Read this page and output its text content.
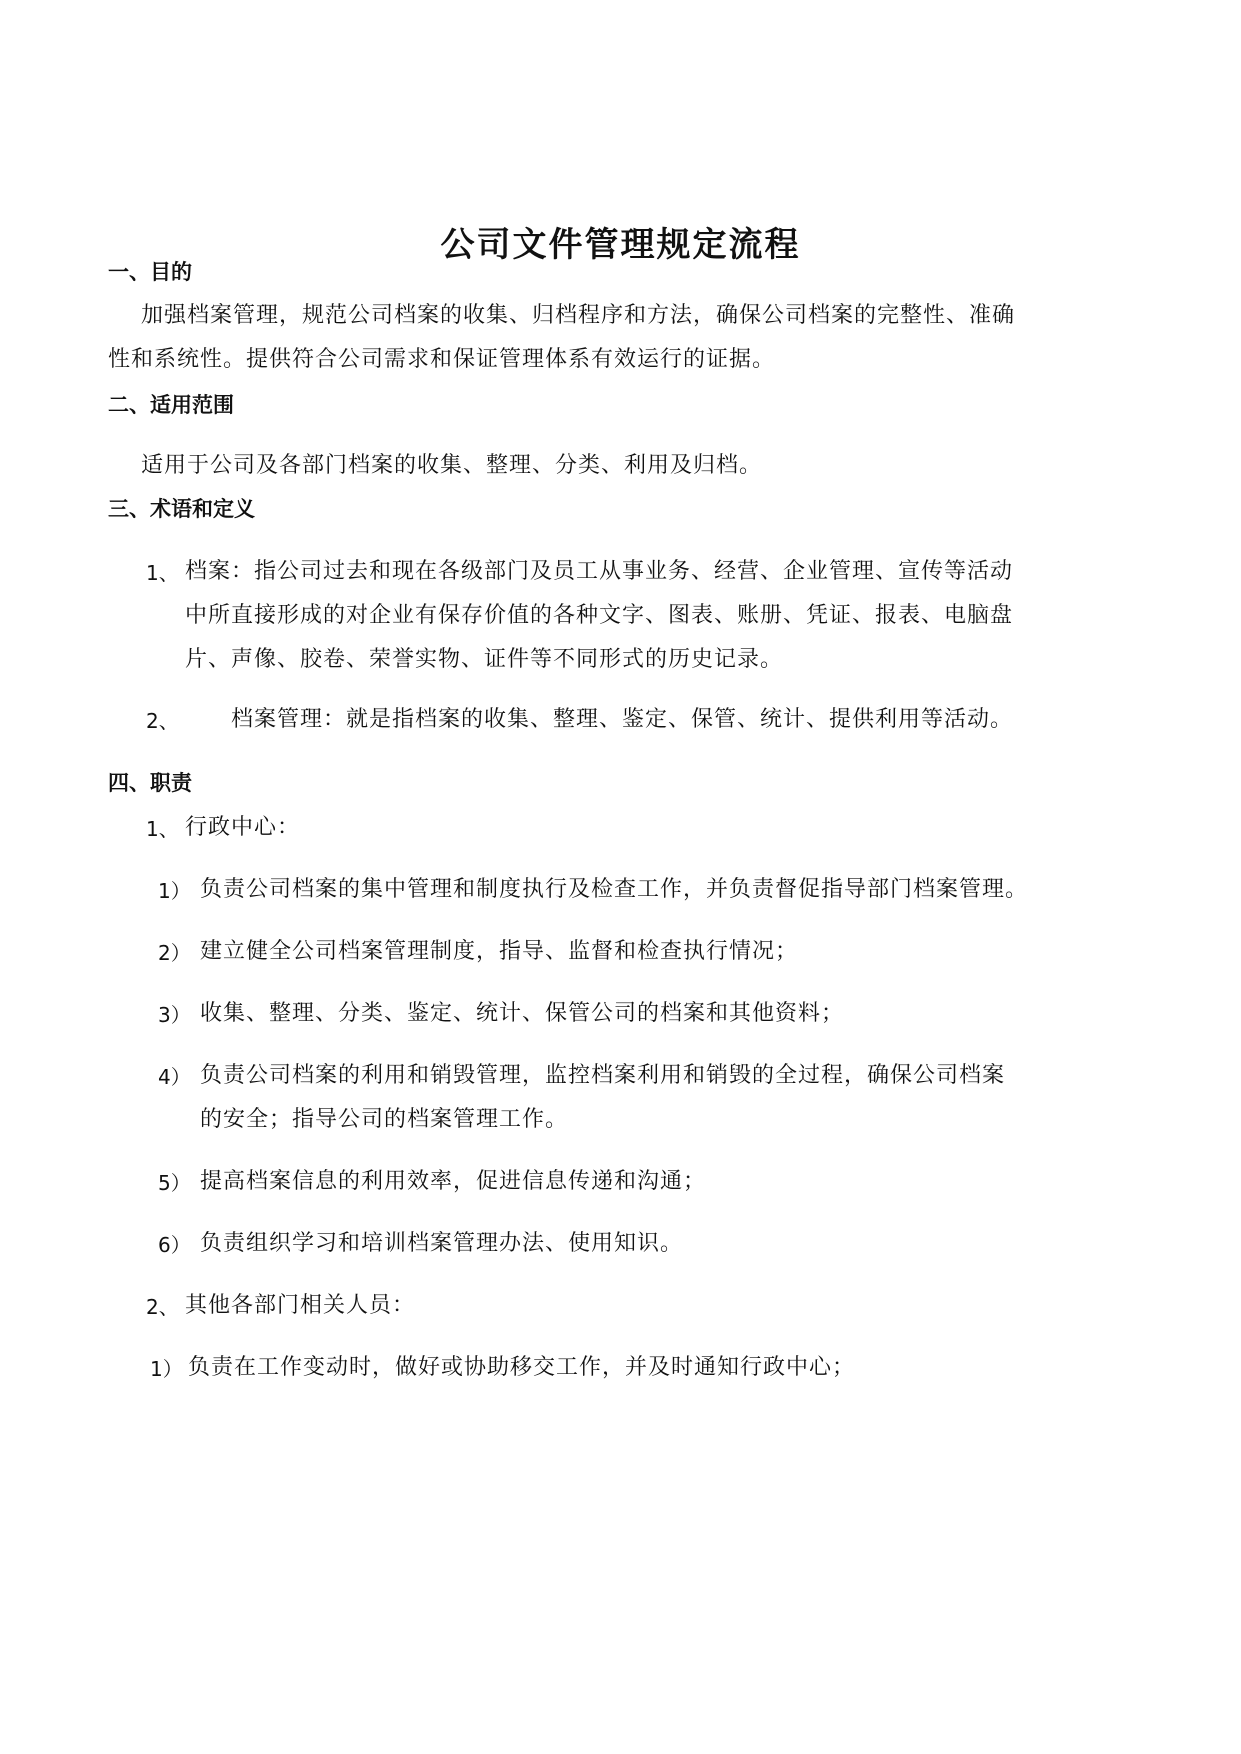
公司文件管理规定流程
一、目的
加强档案管理，规范公司档案的收集、归档程序和方法，确保公司档案的完整性、准确
性和系统性。提供符合公司需求和保证管理体系有效运行的证据。
二、适用范围
适用于公司及各部门档案的收集、整理、分类、利用及归档。
三、术语和定义
1、 档案：指公司过去和现在各级部门及员工从事业务、经营、企业管理、宣传等活动
中所直接形成的对企业有保存价值的各种文字、图表、账册、凭证、报表、电脑盘
片、声像、胶卷、荣誉实物、证件等不同形式的历史记录。
2、 档案管理：就是指档案的收集、整理、鉴定、保管、统计、提供利用等活动。
四、职责
1、 行政中心：
1） 负责公司档案的集中管理和制度执行及检查工作，并负责督促指导部门档案管理。
2） 建立健全公司档案管理制度，指导、监督和检查执行情况；
3） 收集、整理、分类、鉴定、统计、保管公司的档案和其他资料；
4） 负责公司档案的利用和销毁管理，监控档案利用和销毁的全过程，确保公司档案
的安全；指导公司的档案管理工作。
5） 提高档案信息的利用效率，促进信息传递和沟通；
6） 负责组织学习和培训档案管理办法、使用知识。
2、 其他各部门相关人员：
1） 负责在工作变动时，做好或协助移交工作，并及时通知行政中心；
